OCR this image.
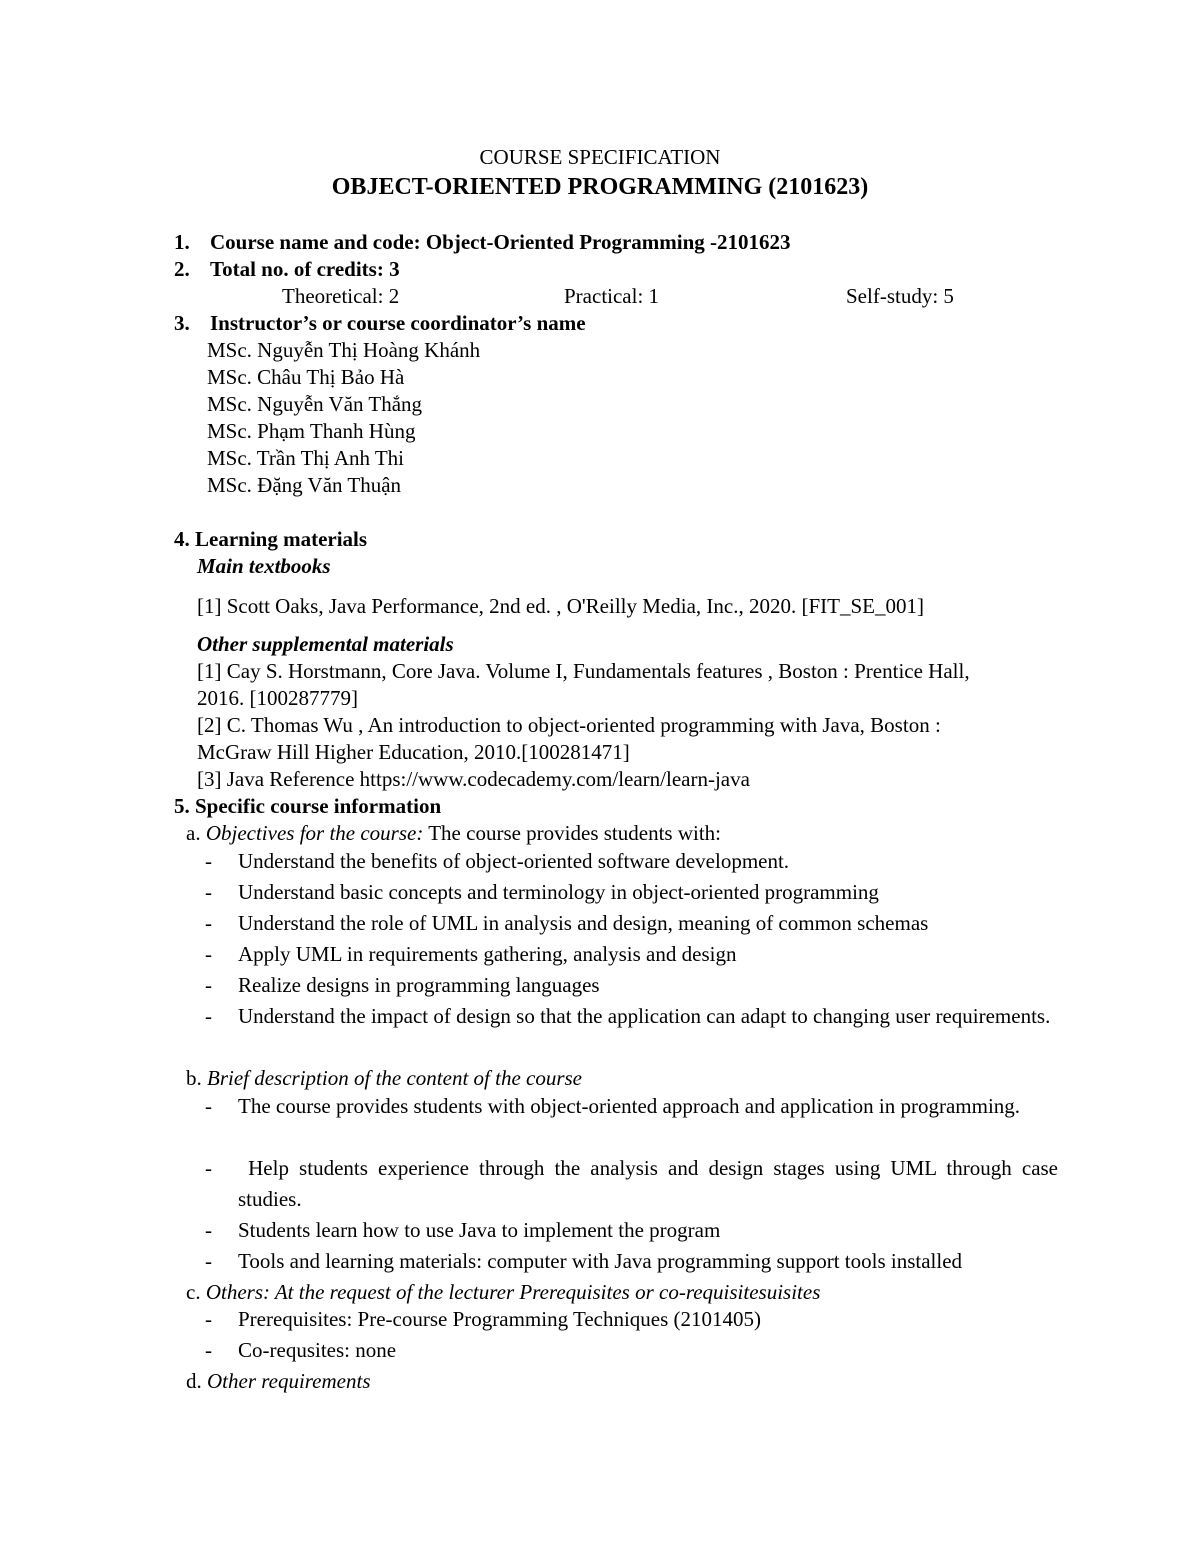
COURSE SPECIFICATION
OBJECT-ORIENTED PROGRAMMING (2101623)
1. Course name and code: Object-Oriented Programming -2101623
2. Total no. of credits: 3
Theoretical: 2	Practical: 1	Self-study: 5
3. Instructor’s or course coordinator’s name
MSc. Nguyễn Thị Hoàng Khánh
MSc. Châu Thị Bảo Hà
MSc. Nguyễn Văn Thắng
MSc. Phạm Thanh Hùng
MSc. Trần Thị Anh Thi
MSc. Đặng Văn Thuận
4. Learning materials
Main textbooks
[1] Scott Oaks, Java Performance, 2nd ed. , O'Reilly Media, Inc., 2020. [FIT_SE_001]
Other supplemental materials
[1] Cay S. Horstmann, Core Java. Volume I, Fundamentals features , Boston : Prentice Hall,
2016. [100287779]
[2] C. Thomas Wu , An introduction to object-oriented programming with Java, Boston :
McGraw Hill Higher Education, 2010.[100281471]
[3] Java Reference https://www.codecademy.com/learn/learn-java
5. Specific course information
a. Objectives for the course: The course provides students with:
- Understand the benefits of object-oriented software development.
- Understand basic concepts and terminology in object-oriented programming
- Understand the role of UML in analysis and design, meaning of common schemas
- Apply UML in requirements gathering, analysis and design
- Realize designs in programming languages
- Understand the impact of design so that the application can adapt to changing user requirements.
b. Brief description of the content of the course
- The course provides students with object-oriented approach and application in programming.
- Help students experience through the analysis and design stages using UML through case studies.
- Students learn how to use Java to implement the program
- Tools and learning materials: computer with Java programming support tools installed
c. Others: At the request of the lecturer Prerequisites or co-requisitesuisites
- Prerequisites: Pre-course Programming Techniques (2101405)
- Co-requsites: none
d. Other requirements
